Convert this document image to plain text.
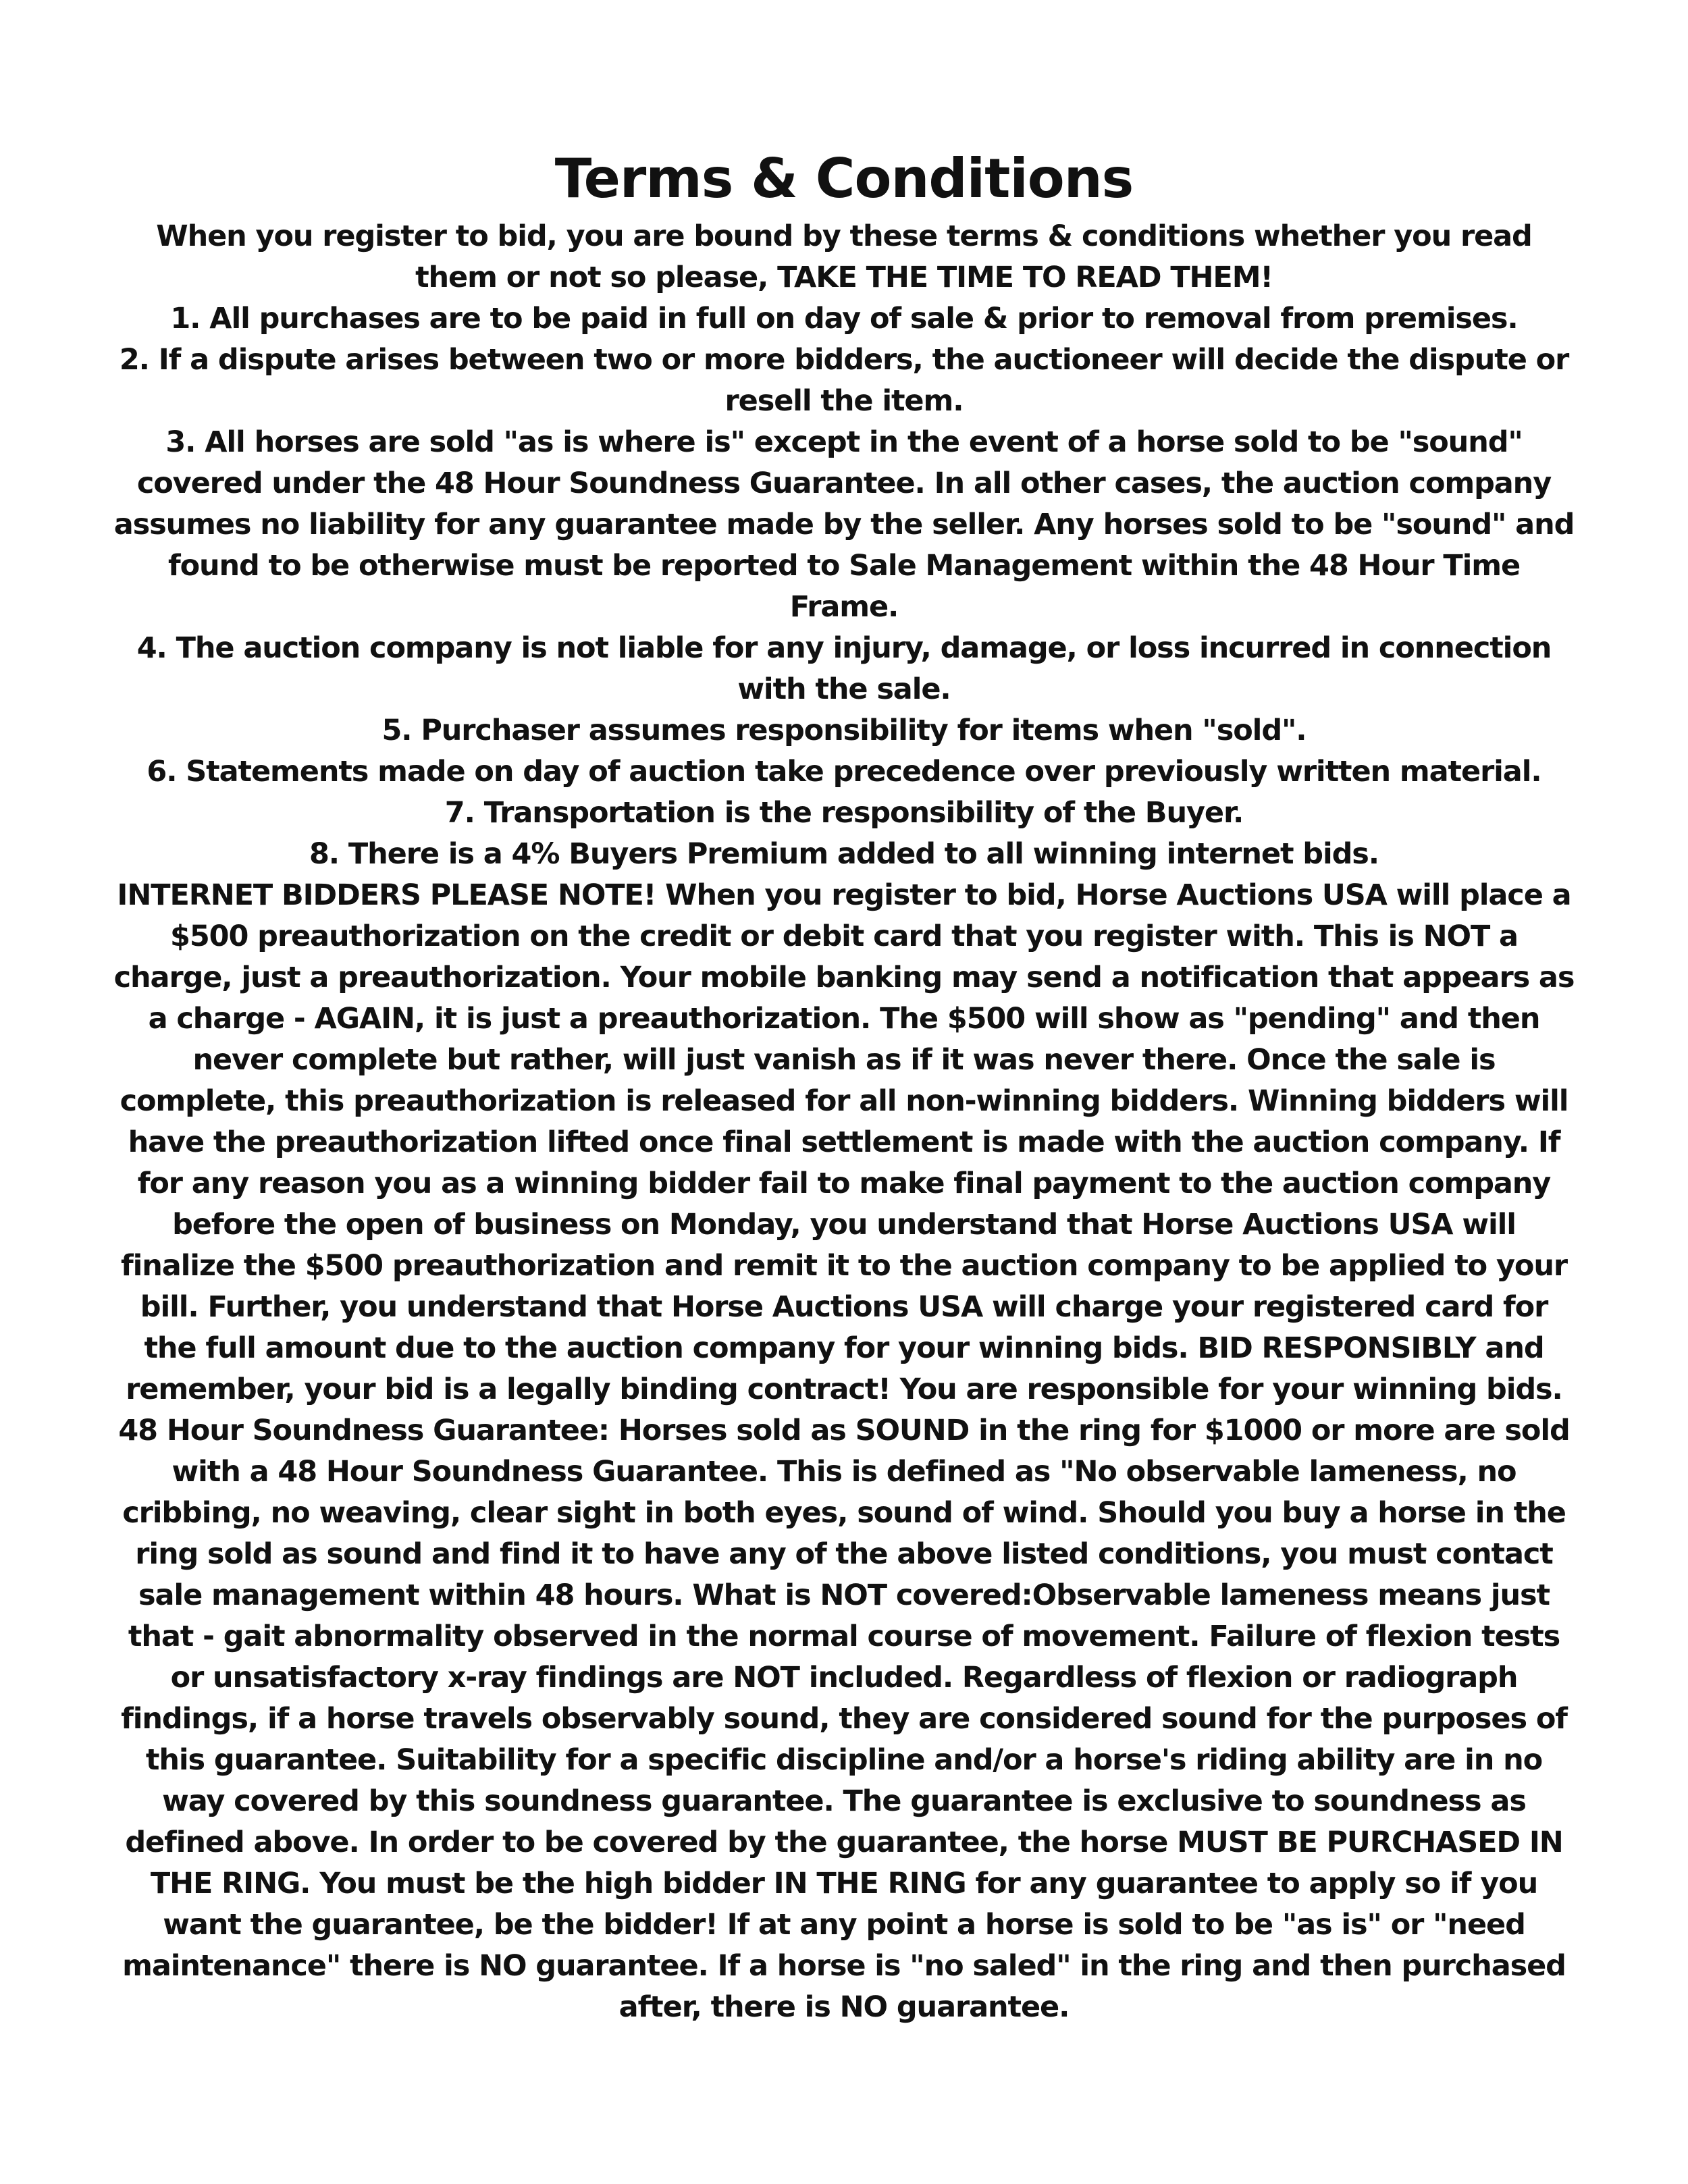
Terms & Conditions

When you register to bid, you are bound by these terms & conditions whether you read them or not so please, TAKE THE TIME TO READ THEM!

1. All purchases are to be paid in full on day of sale & prior to removal from premises.

2. If a dispute arises between two or more bidders, the auctioneer will decide the dispute or resell the item.

3. All horses are sold "as is where is" except in the event of a horse sold to be "sound" covered under the 48 Hour Soundness Guarantee. In all other cases, the auction company assumes no liability for any guarantee made by the seller. Any horses sold to be "sound" and found to be otherwise must be reported to Sale Management within the 48 Hour Time Frame.

4. The auction company is not liable for any injury, damage, or loss incurred in connection with the sale.

5. Purchaser assumes responsibility for items when "sold".

6. Statements made on day of auction take precedence over previously written material.

7. Transportation is the responsibility of the Buyer.

8. There is a 4% Buyers Premium added to all winning internet bids.

INTERNET BIDDERS PLEASE NOTE! When you register to bid, Horse Auctions USA will place a $500 preauthorization on the credit or debit card that you register with. This is NOT a charge, just a preauthorization. Your mobile banking may send a notification that appears as a charge - AGAIN, it is just a preauthorization. The $500 will show as "pending" and then never complete but rather, will just vanish as if it was never there. Once the sale is complete, this preauthorization is released for all non-winning bidders. Winning bidders will have the preauthorization lifted once final settlement is made with the auction company. If for any reason you as a winning bidder fail to make final payment to the auction company before the open of business on Monday, you understand that Horse Auctions USA will finalize the $500 preauthorization and remit it to the auction company to be applied to your bill. Further, you understand that Horse Auctions USA will charge your registered card for the full amount due to the auction company for your winning bids. BID RESPONSIBLY and remember, your bid is a legally binding contract! You are responsible for your winning bids.

48 Hour Soundness Guarantee: Horses sold as SOUND in the ring for $1000 or more are sold with a 48 Hour Soundness Guarantee. This is defined as "No observable lameness, no cribbing, no weaving, clear sight in both eyes, sound of wind. Should you buy a horse in the ring sold as sound and find it to have any of the above listed conditions, you must contact sale management within 48 hours. What is NOT covered:Observable lameness means just that - gait abnormality observed in the normal course of movement. Failure of flexion tests or unsatisfactory x-ray findings are NOT included. Regardless of flexion or radiograph findings, if a horse travels observably sound, they are considered sound for the purposes of this guarantee. Suitability for a specific discipline and/or a horse's riding ability are in no way covered by this soundness guarantee. The guarantee is exclusive to soundness as defined above. In order to be covered by the guarantee, the horse MUST BE PURCHASED IN THE RING. You must be the high bidder IN THE RING for any guarantee to apply so if you want the guarantee, be the bidder! If at any point a horse is sold to be "as is" or "need maintenance" there is NO guarantee. If a horse is "no saled" in the ring and then purchased after, there is NO guarantee.
